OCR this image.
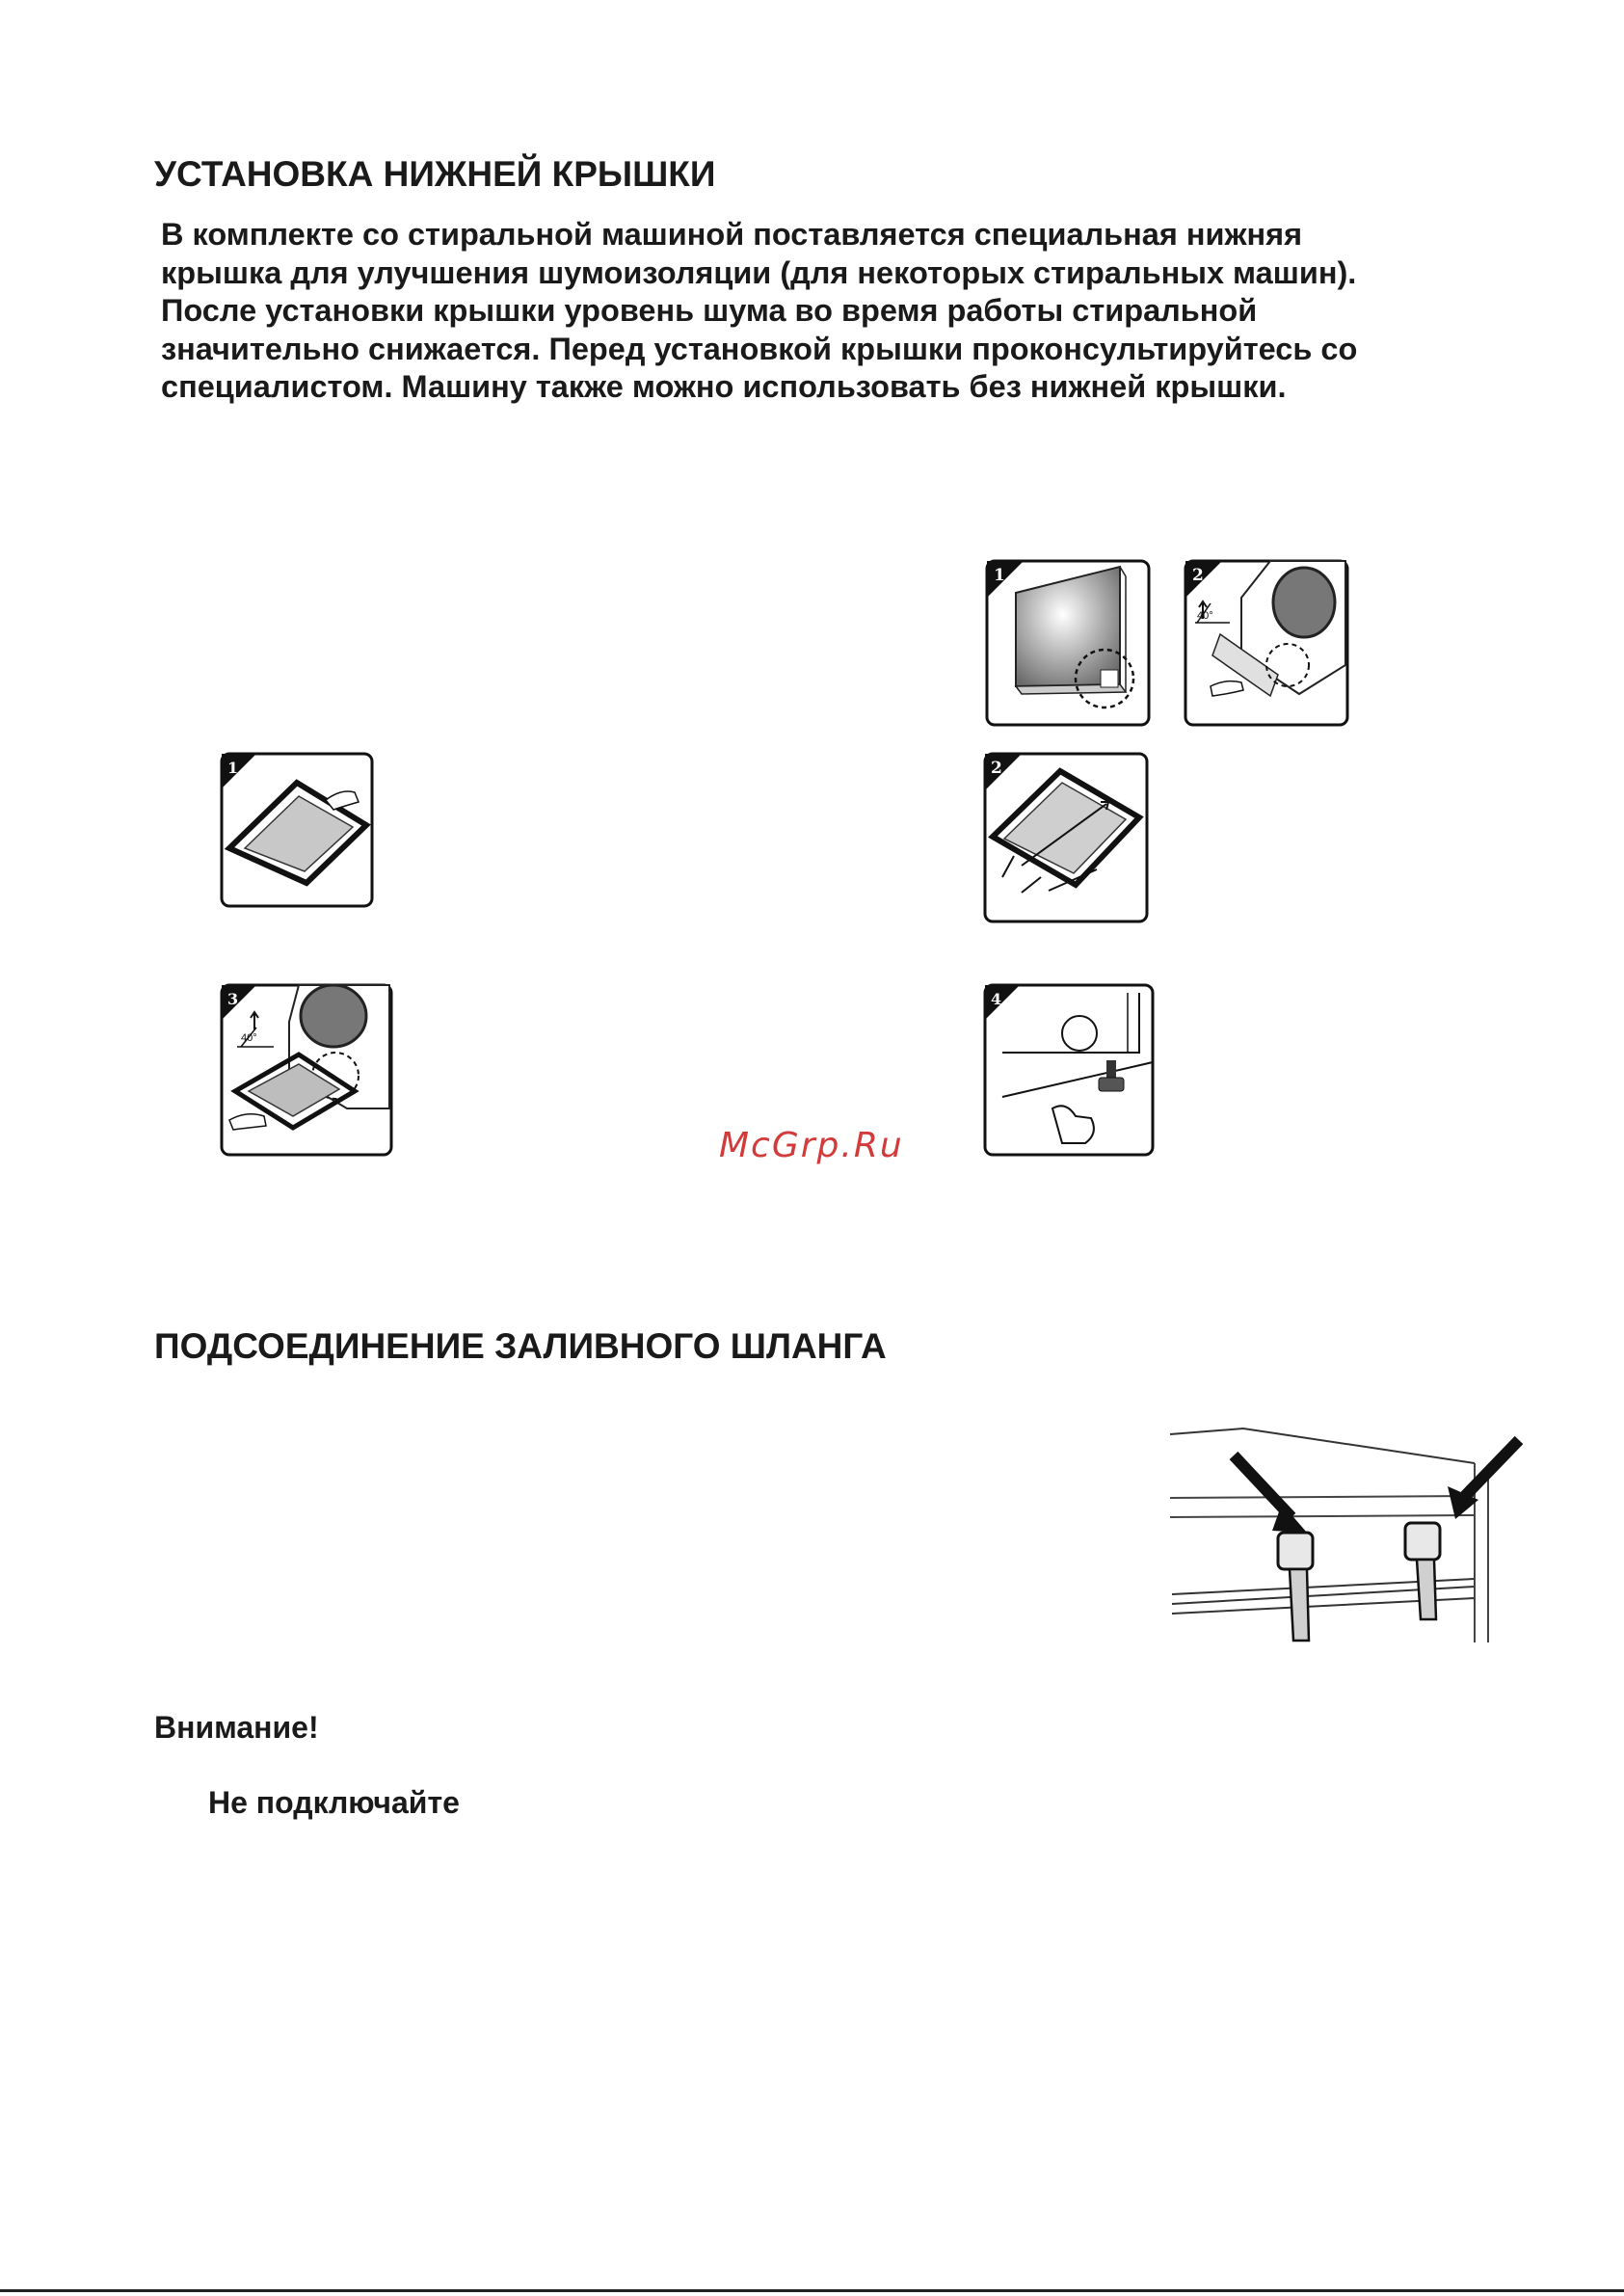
УСТАНОВКА НИЖНЕЙ КРЫШКИ
В комплекте со стиральной машиной поставляется специальная нижняя
крышка для улучшения шумоизоляции (для некоторых стиральных машин).
После установки крышки уровень шума во время работы стиральной
значительно снижается. Перед установкой крышки проконсультируйтесь со
специалистом. Машину также можно использовать без нижней крышки.
1	2
40°
1	2
3
40°
4
McGrp.Ru
ПОДСОЕДИНЕНИЕ ЗАЛИВНОГО ШЛАНГА
Внимание!
Не подключайте
